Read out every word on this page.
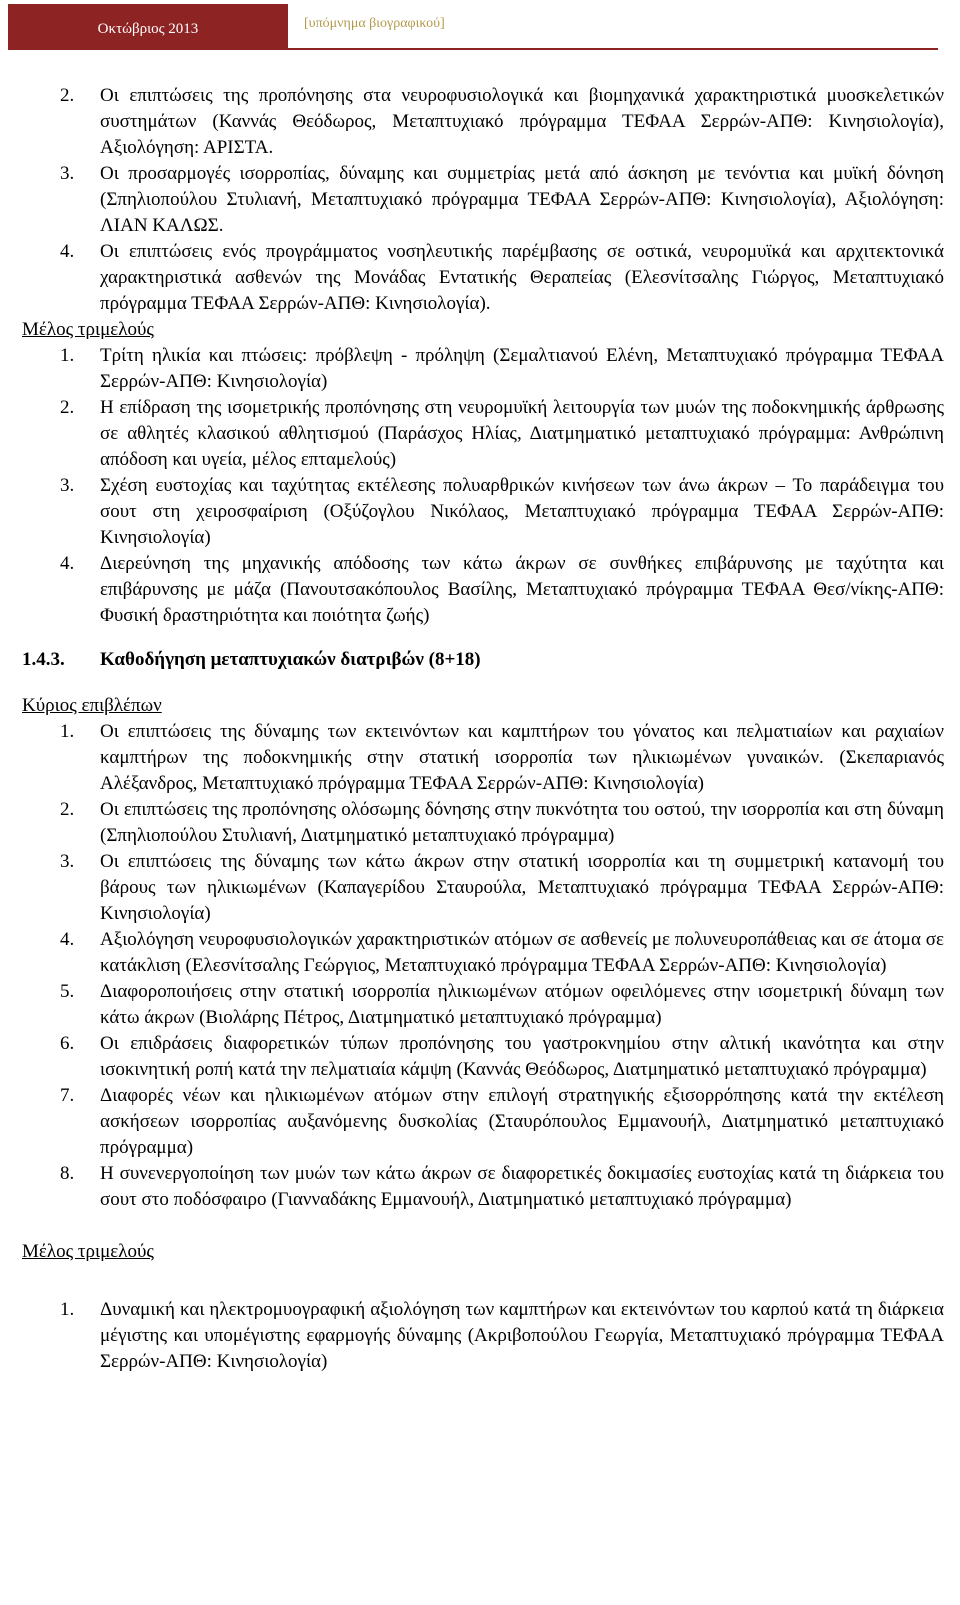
Οκτώβριος 2013	[υπόμνημα βιογραφικού]
2. Οι επιπτώσεις της προπόνησης στα νευροφυσιολογικά και βιομηχανικά χαρακτηριστικά μυοσκελετικών συστημάτων (Καννάς Θεόδωρος, Μεταπτυχιακό πρόγραμμα ΤΕΦΑΑ Σερρών-ΑΠΘ: Κινησιολογία), Αξιολόγηση: ΑΡΙΣΤΑ.
3. Οι προσαρμογές ισορροπίας, δύναμης και συμμετρίας μετά από άσκηση με τενόντια και μυϊκή δόνηση (Σπηλιοπούλου Στυλιανή, Μεταπτυχιακό πρόγραμμα ΤΕΦΑΑ Σερρών-ΑΠΘ: Κινησιολογία), Αξιολόγηση: ΛΙΑΝ ΚΑΛΩΣ.
4. Οι επιπτώσεις ενός προγράμματος νοσηλευτικής παρέμβασης σε οστικά, νευρομυϊκά και αρχιτεκτονικά χαρακτηριστικά ασθενών της Μονάδας Εντατικής Θεραπείας (Ελεσνίτσαλης Γιώργος, Μεταπτυχιακό πρόγραμμα ΤΕΦΑΑ Σερρών-ΑΠΘ: Κινησιολογία).
Μέλος τριμελούς
1. Τρίτη ηλικία και πτώσεις: πρόβλεψη - πρόληψη (Σεμαλτιανού Ελένη, Μεταπτυχιακό πρόγραμμα ΤΕΦΑΑ Σερρών-ΑΠΘ: Κινησιολογία)
2. Η επίδραση της ισομετρικής προπόνησης στη νευρομυϊκή λειτουργία των μυών της ποδοκνημικής άρθρωσης σε αθλητές κλασικού αθλητισμού (Παράσχος Ηλίας, Διατμηματικό μεταπτυχιακό πρόγραμμα: Ανθρώπινη απόδοση και υγεία, μέλος επταμελούς)
3. Σχέση ευστοχίας και ταχύτητας εκτέλεσης πολυαρθρικών κινήσεων των άνω άκρων – Το παράδειγμα του σουτ στη χειροσφαίριση (Οξύζογλου Νικόλαος, Μεταπτυχιακό πρόγραμμα ΤΕΦΑΑ Σερρών-ΑΠΘ: Κινησιολογία)
4. Διερεύνηση της μηχανικής απόδοσης των κάτω άκρων σε συνθήκες επιβάρυνσης με ταχύτητα και επιβάρυνσης με μάζα (Πανουτσακόπουλος Βασίλης, Μεταπτυχιακό πρόγραμμα ΤΕΦΑΑ Θεσ/νίκης-ΑΠΘ: Φυσική δραστηριότητα και ποιότητα ζωής)
1.4.3. Καθοδήγηση μεταπτυχιακών διατριβών (8+18)
Κύριος επιβλέπων
1. Οι επιπτώσεις της δύναμης των εκτεινόντων και καμπτήρων του γόνατος και πελματιαίων και ραχιαίων καμπτήρων της ποδοκνημικής στην στατική ισορροπία των ηλικιωμένων γυναικών. (Σκεπαριανός Αλέξανδρος, Μεταπτυχιακό πρόγραμμα ΤΕΦΑΑ Σερρών-ΑΠΘ: Κινησιολογία)
2. Οι επιπτώσεις της προπόνησης ολόσωμης δόνησης στην πυκνότητα του οστού, την ισορροπία και στη δύναμη (Σπηλιοπούλου Στυλιανή, Διατμηματικό μεταπτυχιακό πρόγραμμα)
3. Οι επιπτώσεις της δύναμης των κάτω άκρων στην στατική ισορροπία και τη συμμετρική κατανομή του βάρους των ηλικιωμένων (Καπαγερίδου Σταυρούλα, Μεταπτυχιακό πρόγραμμα ΤΕΦΑΑ Σερρών-ΑΠΘ: Κινησιολογία)
4. Αξιολόγηση νευροφυσιολογικών χαρακτηριστικών ατόμων σε ασθενείς με πολυνευροπάθειας και σε άτομα σε κατάκλιση (Ελεσνίτσαλης Γεώργιος, Μεταπτυχιακό πρόγραμμα ΤΕΦΑΑ Σερρών-ΑΠΘ: Κινησιολογία)
5. Διαφοροποιήσεις στην στατική ισορροπία ηλικιωμένων ατόμων οφειλόμενες στην ισομετρική δύναμη των κάτω άκρων (Βιολάρης Πέτρος, Διατμηματικό μεταπτυχιακό πρόγραμμα)
6. Οι επιδράσεις διαφορετικών τύπων προπόνησης του γαστροκνημίου στην αλτική ικανότητα και στην ισοκινητική ροπή κατά την πελματιαία κάμψη (Καννάς Θεόδωρος, Διατμηματικό μεταπτυχιακό πρόγραμμα)
7. Διαφορές νέων και ηλικιωμένων ατόμων στην επιλογή στρατηγικής εξισορρόπησης κατά την εκτέλεση ασκήσεων ισορροπίας αυξανόμενης δυσκολίας (Σταυρόπουλος Εμμανουήλ, Διατμηματικό μεταπτυχιακό πρόγραμμα)
8. Η συνενεργοποίηση των μυών των κάτω άκρων σε διαφορετικές δοκιμασίες ευστοχίας κατά τη διάρκεια του σουτ στο ποδόσφαιρο (Γιανναδάκης Εμμανουήλ, Διατμηματικό μεταπτυχιακό πρόγραμμα)
Μέλος τριμελούς
1. Δυναμική και ηλεκτρομυογραφική αξιολόγηση των καμπτήρων και εκτεινόντων του καρπού κατά τη διάρκεια μέγιστης και υπομέγιστης εφαρμογής δύναμης (Ακριβοπούλου Γεωργία, Μεταπτυχιακό πρόγραμμα ΤΕΦΑΑ Σερρών-ΑΠΘ: Κινησιολογία)
